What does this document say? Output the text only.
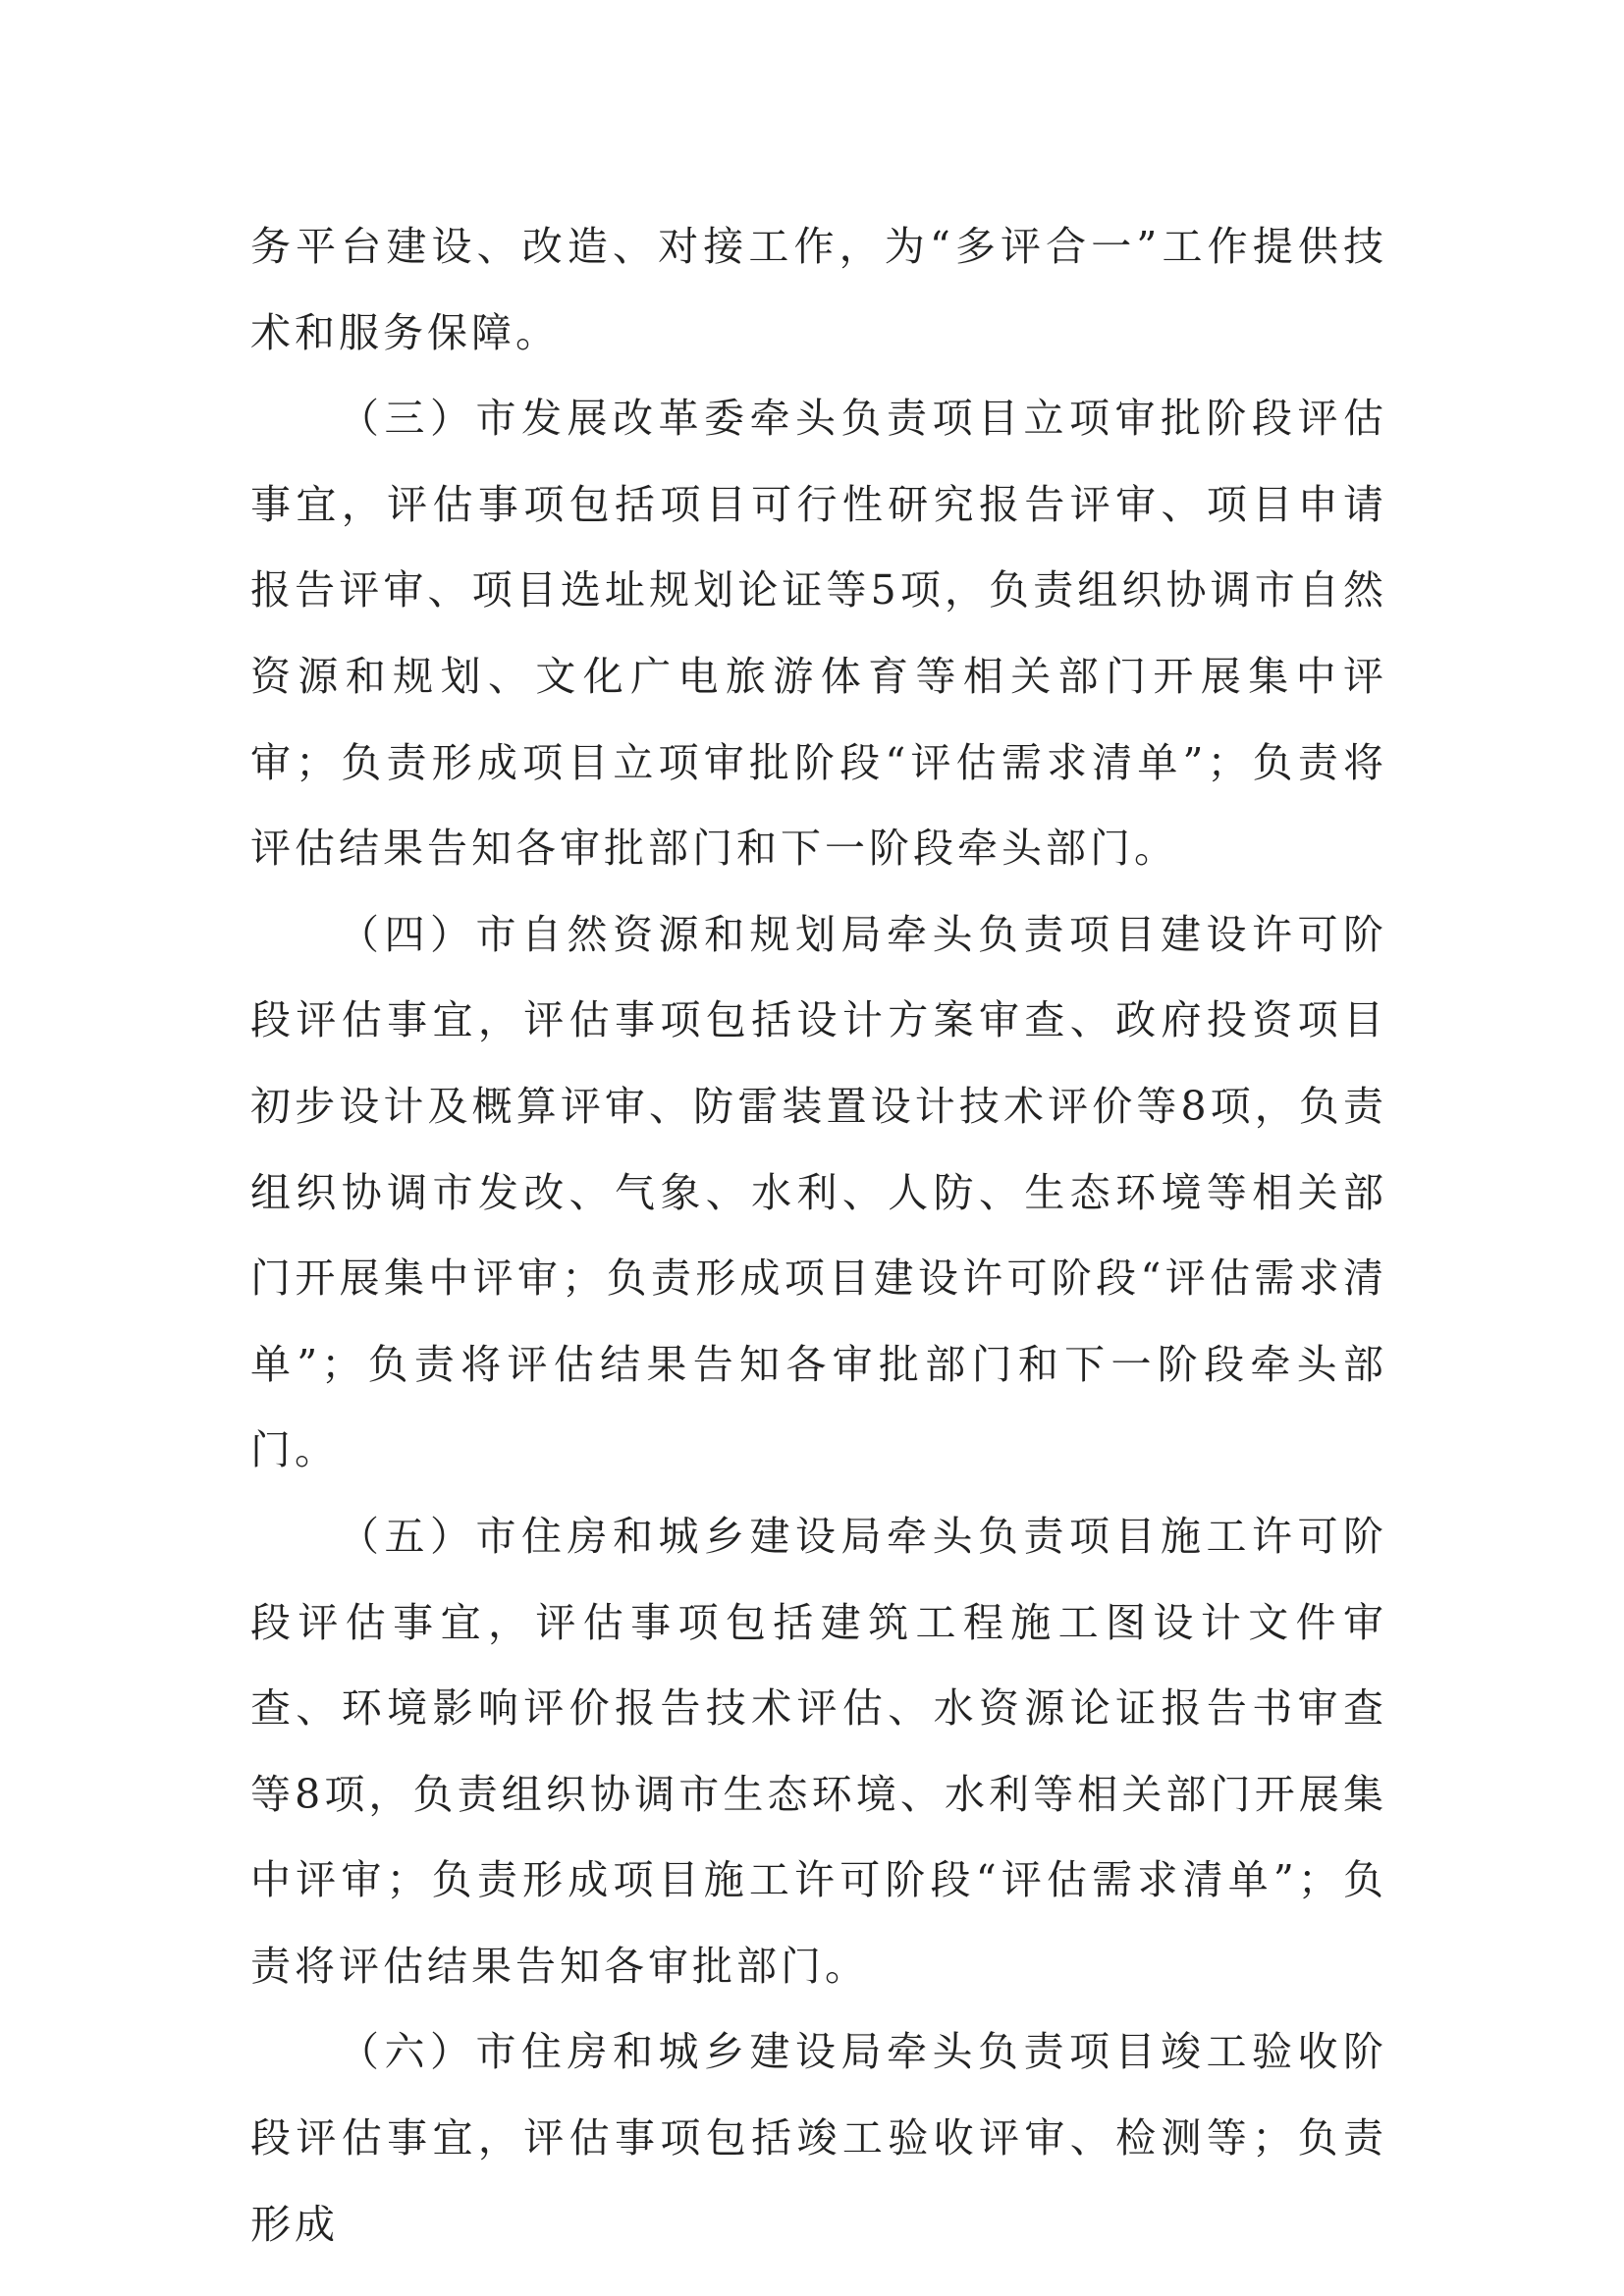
务平台建设、改造、对接工作，为“多评合一”工作提供技术和服务保障。

（三）市发展改革委牵头负责项目立项审批阶段评估事宜，评估事项包括项目可行性研究报告评审、项目申请报告评审、项目选址规划论证等5项，负责组织协调市自然资源和规划、文化广电旅游体育等相关部门开展集中评审；负责形成项目立项审批阶段“评估需求清单”；负责将评估结果告知各审批部门和下一阶段牵头部门。

（四）市自然资源和规划局牵头负责项目建设许可阶段评估事宜，评估事项包括设计方案审查、政府投资项目初步设计及概算评审、防雷装置设计技术评价等8项，负责组织协调市发改、气象、水利、人防、生态环境等相关部门开展集中评审；负责形成项目建设许可阶段“评估需求清单”；负责将评估结果告知各审批部门和下一阶段牵头部门。

（五）市住房和城乡建设局牵头负责项目施工许可阶段评估事宜，评估事项包括建筑工程施工图设计文件审查、环境影响评价报告技术评估、水资源论证报告书审查等8项，负责组织协调市生态环境、水利等相关部门开展集中评审；负责形成项目施工许可阶段“评估需求清单”；负责将评估结果告知各审批部门。

（六）市住房和城乡建设局牵头负责项目竣工验收阶段评估事宜，评估事项包括竣工验收评审、检测等；负责形成
